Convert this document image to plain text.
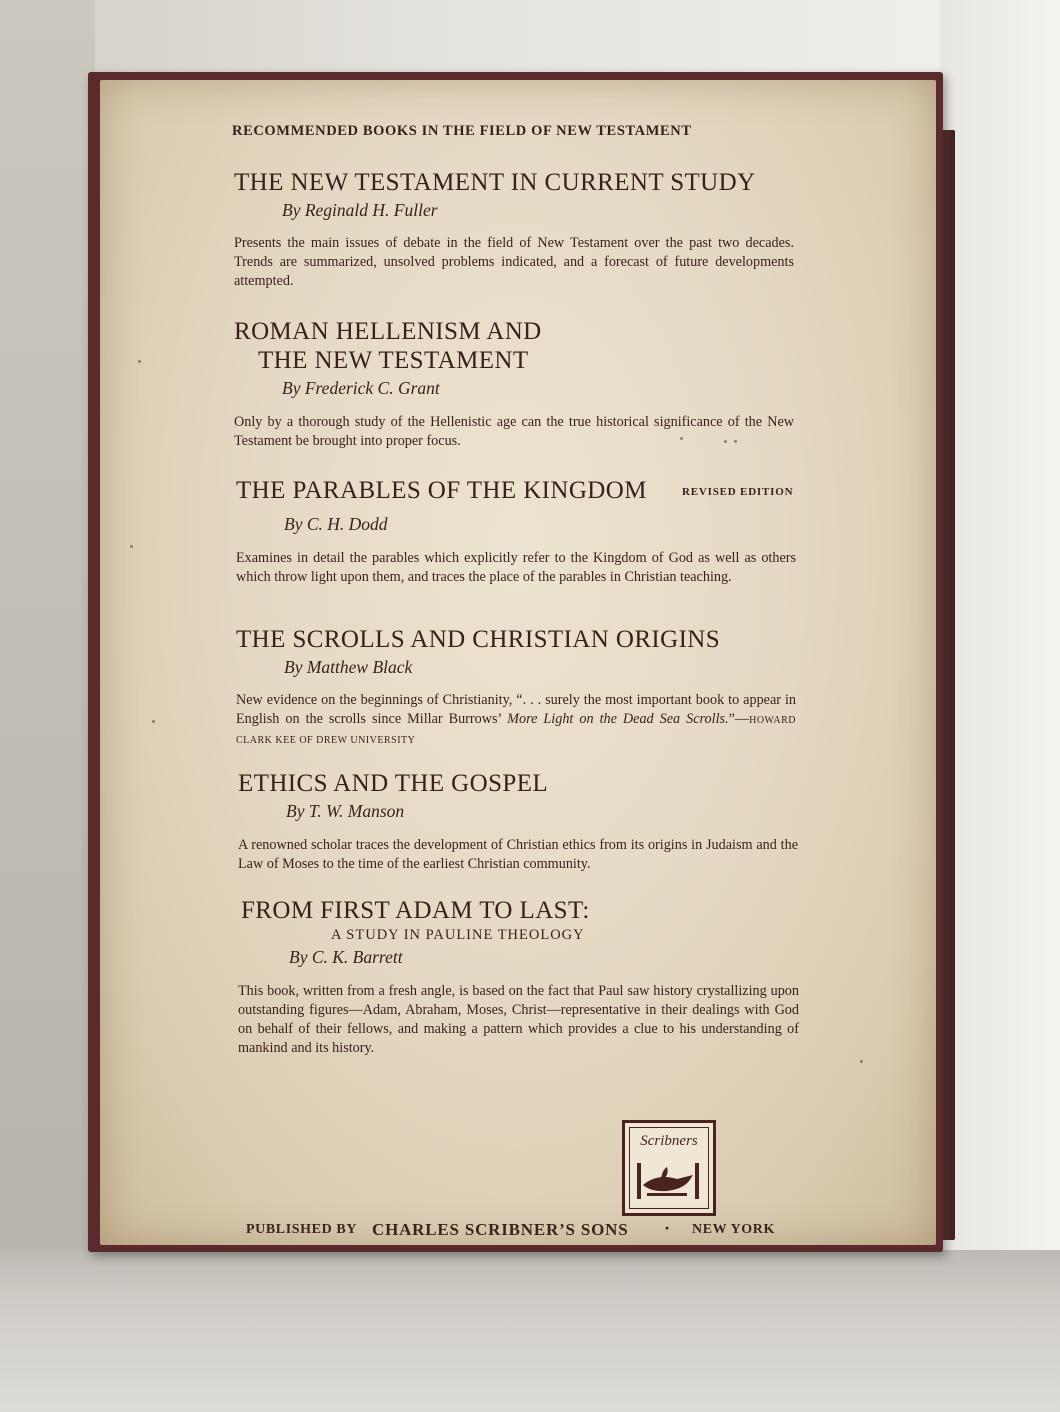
RECOMMENDED BOOKS IN THE FIELD OF NEW TESTAMENT

THE NEW TESTAMENT IN CURRENT STUDY

By Reginald H. Fuller
Presents the main issues of debate in the field of New Testament over the past two decades. Trends are summarized, unsolved problems indicated, and a forecast of future developments attempted.

ROMAN HELLENISM AND

THE NEW TESTAMENT

By Frederick C. Grant
Only by a thorough study of the Hellenistic age can the true historical significance of the New Testament be brought into proper focus.

THE PARABLES OF THE KINGDOM	REVISED EDITION
By C. H. Dodd
Examines in detail the parables which explicitly refer to the Kingdom of God as well as others which throw light upon them, and traces the place of the parables in Christian teaching.

THE SCROLLS AND CHRISTIAN ORIGINS

By Matthew Black
New evidence on the beginnings of Christianity, “. . . surely the most important book to appear in English on the scrolls since Millar Burrows’ More Light on the Dead Sea Scrolls.”—HOWARD CLARK KEE OF DREW UNIVERSITY

ETHICS AND THE GOSPEL

By T. W. Manson
A renowned scholar traces the development of Christian ethics from its origins in Judaism and the Law of Moses to the time of the earliest Christian community.

FROM FIRST ADAM TO LAST:

A STUDY IN PAULINE THEOLOGY
By C. K. Barrett
This book, written from a fresh angle, is based on the fact that Paul saw history crystallizing upon outstanding figures—Adam, Abraham, Moses, Christ—representative in their dealings with God on behalf of their fellows, and making a pattern which provides a clue to his understanding of mankind and its history.
Scribners
PUBLISHED BY CHARLES SCRIBNER’S SONS · NEW YORK
